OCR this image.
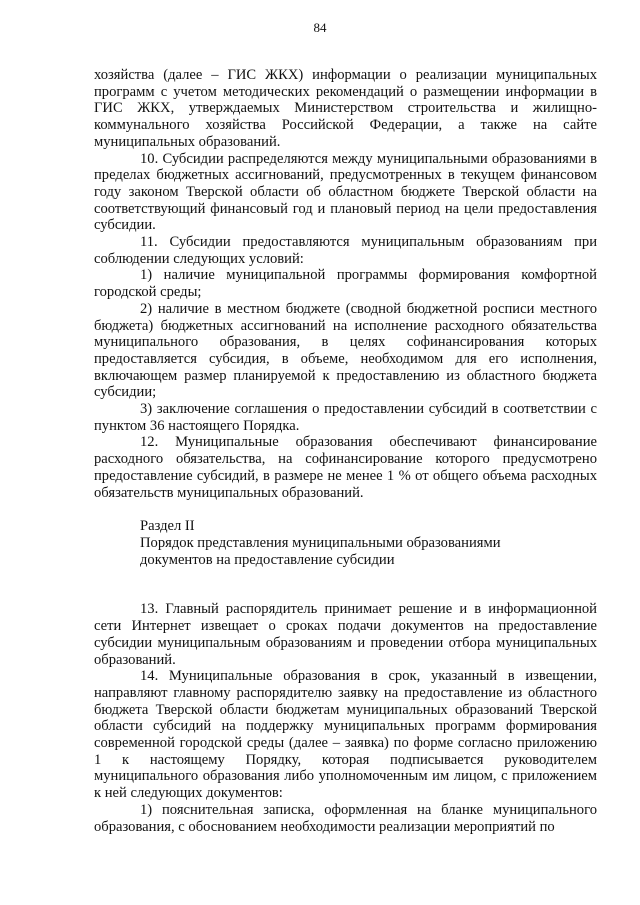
84

хозяйства (далее – ГИС ЖКХ) информации о реализации муниципальных программ с учетом методических рекомендаций о размещении информации в ГИС ЖКХ, утверждаемых Министерством строительства и жилищно-коммунального хозяйства Российской Федерации, а также на сайте муниципальных образований.

10. Субсидии распределяются между муниципальными образованиями в пределах бюджетных ассигнований, предусмотренных в текущем финансовом году законом Тверской области об областном бюджете Тверской области на соответствующий финансовый год и плановый период на цели предоставления субсидии.

11. Субсидии предоставляются муниципальным образованиям при соблюдении следующих условий:

1) наличие муниципальной программы формирования комфортной городской среды;

2) наличие в местном бюджете (сводной бюджетной росписи местного бюджета) бюджетных ассигнований на исполнение расходного обязательства муниципального образования, в целях софинансирования которых предоставляется субсидия, в объеме, необходимом для его исполнения, включающем размер планируемой к предоставлению из областного бюджета субсидии;

3) заключение соглашения о предоставлении субсидий в соответствии с пунктом 36 настоящего Порядка.

12. Муниципальные образования обеспечивают финансирование расходного обязательства, на софинансирование которого предусмотрено предоставление субсидий, в размере не менее 1 % от общего объема расходных обязательств муниципальных образований.

Раздел II

Порядок представления муниципальными образованиями

документов на предоставление субсидии

13. Главный распорядитель принимает решение и в информационной сети Интернет извещает о сроках подачи документов на предоставление субсидии муниципальным образованиям и проведении отбора муниципальных образований.

14. Муниципальные образования в срок, указанный в извещении, направляют главному распорядителю заявку на предоставление из областного бюджета Тверской области бюджетам муниципальных образований Тверской области субсидий на поддержку муниципальных программ формирования современной городской среды (далее – заявка) по форме согласно приложению 1 к настоящему Порядку, которая подписывается руководителем муниципального образования либо уполномоченным им лицом, с приложением к ней следующих документов:

1) пояснительная записка, оформленная на бланке муниципального образования, с обоснованием необходимости реализации мероприятий по
